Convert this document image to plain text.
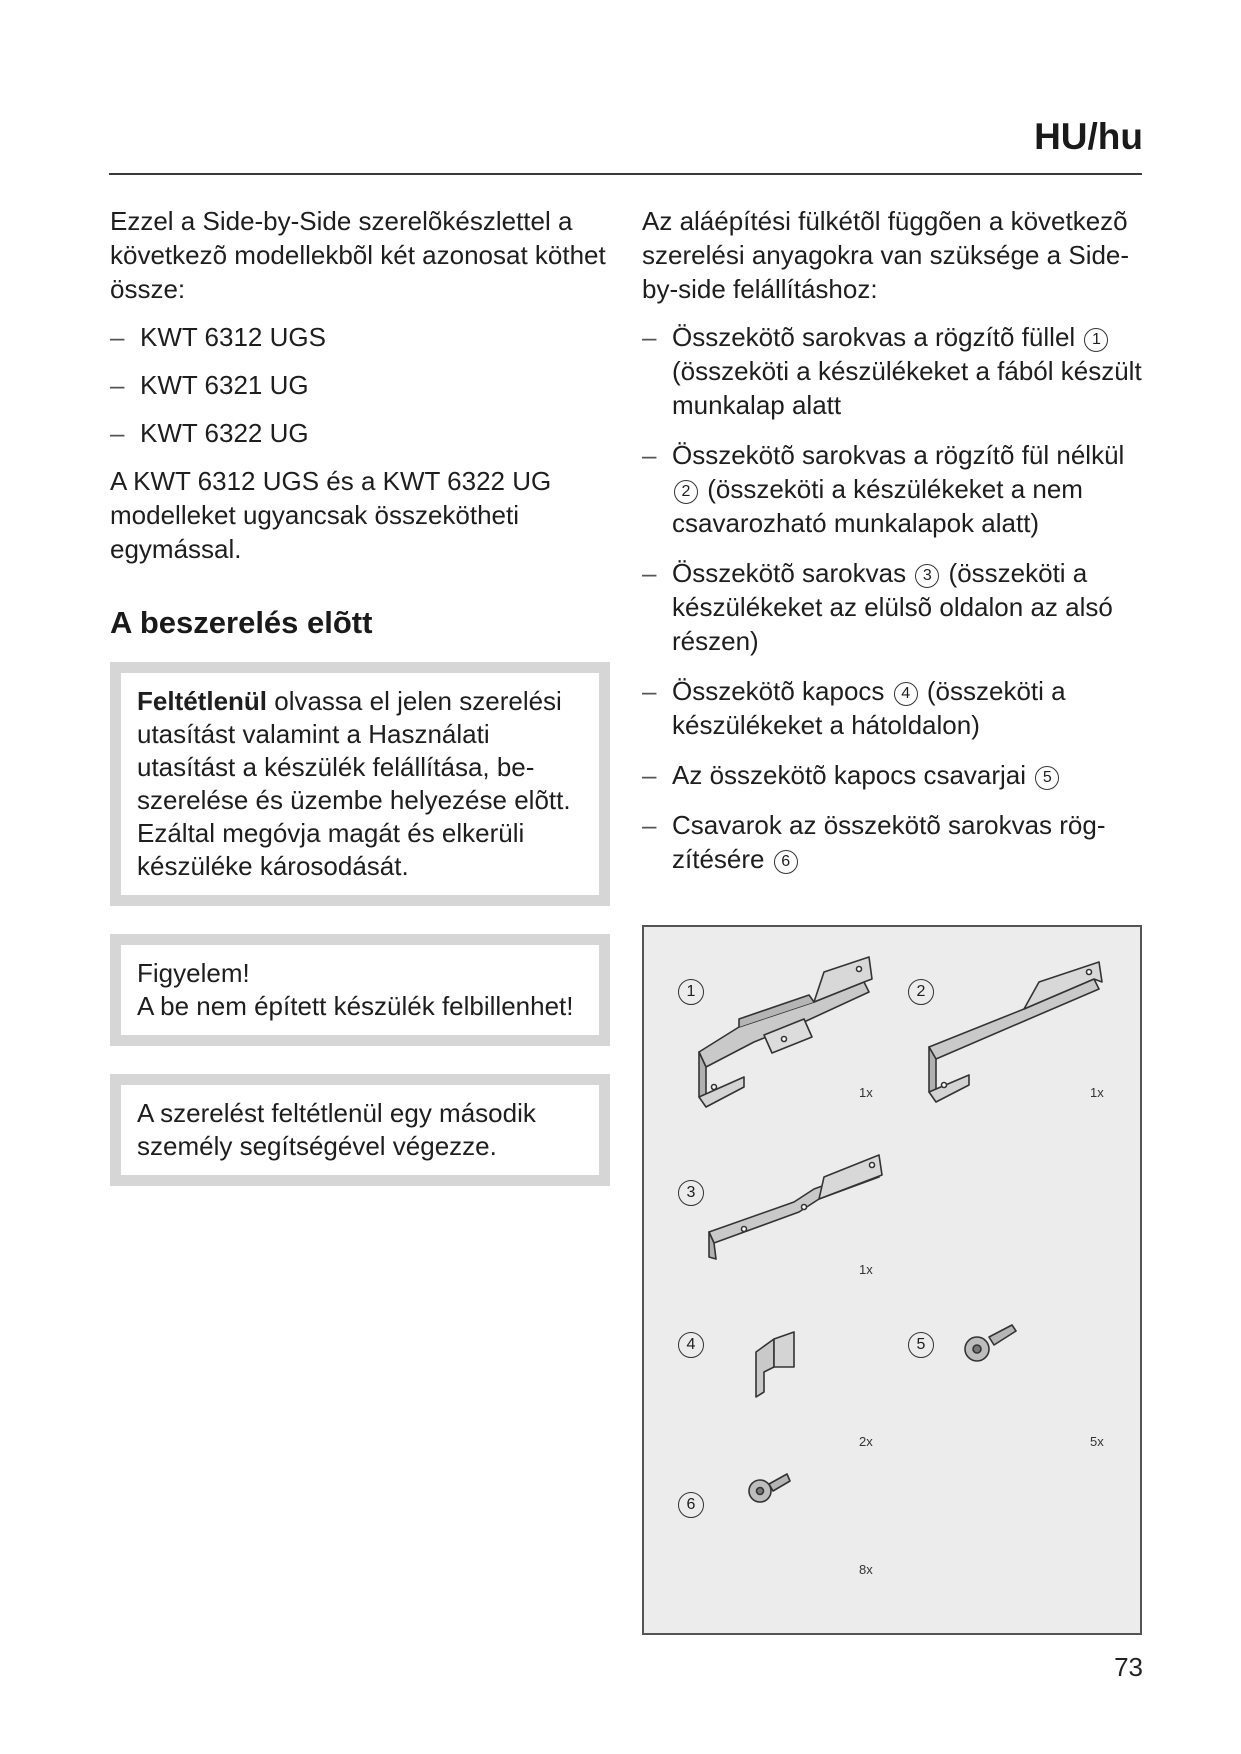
HU/hu

Ezzel a Side-by-Side szerelõkészlettel a következõ modellekbõl két azonosat köthet össze:

– KWT 6312 UGS
– KWT 6321 UG
– KWT 6322 UG

A KWT 6312 UGS és a KWT 6322 UG modelleket ugyancsak összekötheti egymással.

A beszerelés elõtt
Feltétlenül olvassa el jelen szerelési utasítást valamint a Használati utasítást a készülék felállítása, beszerelése és üzembe helyezése elõtt.
Ezáltal megóvja magát és elkerüli készüléke károsodását.
Figyelem!
A be nem épített készülék felbillenhet!
A szerelést feltétlenül egy második személy segítségével végezze.

Az aláépítési fülkétõl függõen a következõ szerelési anyagokra van szüksége a Side-by-side felállításhoz:

– Összekötõ sarokvas a rögzítõ füllel 1 (összeköti a készülékeket a fából készült munkalap alatt
– Összekötõ sarokvas a rögzítõ fül nélkül 2 (összeköti a készülékeket a nem csavarozható munkalapok alatt)
– Összekötõ sarokvas 3 (összeköti a készülékeket az elülsõ oldalon az alsó részen)
– Összekötõ kapocs 4 (összeköti a készülékeket a hátoldalon)
– Az összekötõ kapocs csavarjai 5
– Csavarok az összekötõ sarokvas rögzítésére 6
1
1x
2
1x
3
1x
4
2x
5
5x
6
8x
73
